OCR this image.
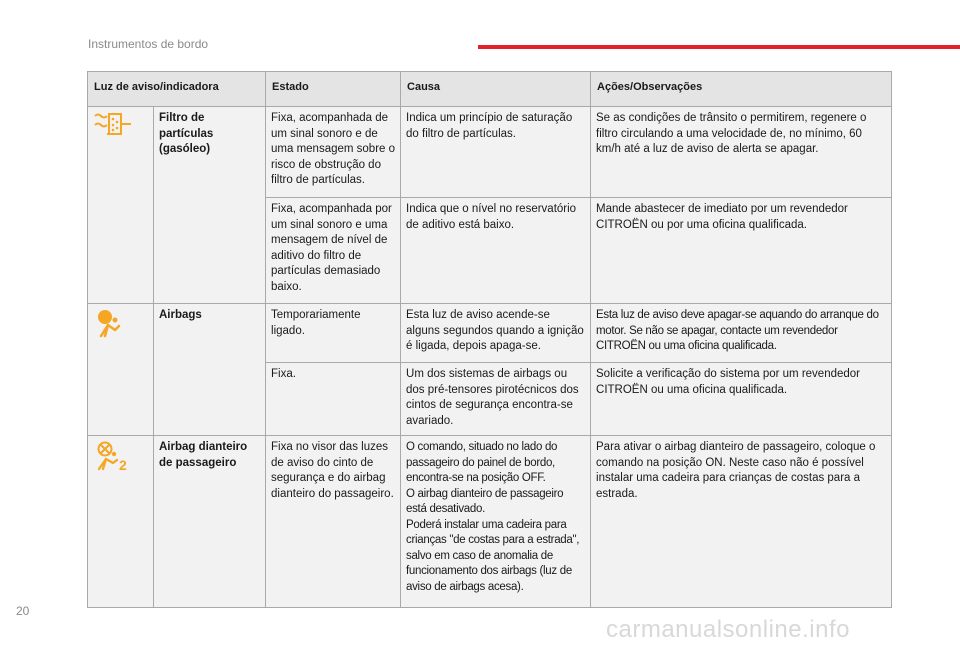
Instrumentos de bordo
Luz de aviso/indicadora		Estado	Causa	Ações/Observações

	Filtro de partículas (gasóleo)	Fixa, acompanhada de um sinal sonoro e de uma mensagem sobre o risco de obstrução do filtro de partículas.	Indica um princípio de saturação do filtro de partículas.	Se as condições de trânsito o permitirem, regenere o filtro circulando a uma velocidade de, no mínimo, 60 km/h até a luz de aviso de alerta se apagar.
		Fixa, acompanhada por um sinal sonoro e uma mensagem de nível de aditivo do filtro de partículas demasiado baixo.	Indica que o nível no reservatório de aditivo está baixo.	Mande abastecer de imediato por um revendedor CITROËN ou por uma oficina qualificada.

	Airbags	Temporariamente ligado.	Esta luz de aviso acende-se alguns segundos quando a ignição é ligada, depois apaga-se.	Esta luz de aviso deve apagar-se aquando do arranque do motor. Se não se apagar, contacte um revendedor CITROËN ou uma oficina qualificada.
		Fixa.	Um dos sistemas de airbags ou dos pré-tensores pirotécnicos dos cintos de segurança encontra-se avariado.	Solicite a verificação do sistema por um revendedor CITROËN ou uma oficina qualificada.

2	Airbag dianteiro de passageiro	Fixa no visor das luzes de aviso do cinto de segurança e do airbag dianteiro do passageiro.	O comando, situado no lado do passageiro do painel de bordo, encontra-se na posição OFF.
O airbag dianteiro de passageiro está desativado.
Poderá instalar uma cadeira para crianças "de costas para a estrada", salvo em caso de anomalia de funcionamento dos airbags (luz de aviso de airbags acesa).	Para ativar o airbag dianteiro de passageiro, coloque o comando na posição ON. Neste caso não é possível instalar uma cadeira para crianças de costas para a estrada.
20
carmanualsonline.info
